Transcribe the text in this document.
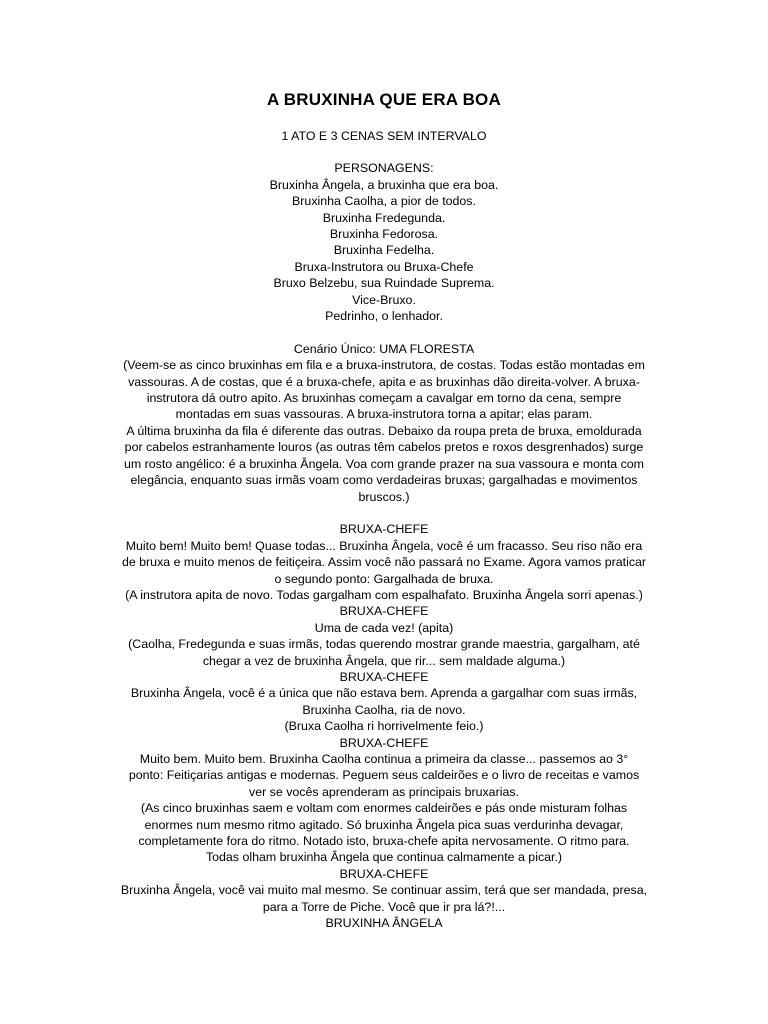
A BRUXINHA QUE ERA BOA
1 ATO E 3 CENAS SEM INTERVALO
PERSONAGENS:
Bruxinha Ângela, a bruxinha que era boa.
Bruxinha Caolha, a pior de todos.
Bruxinha Fredegunda.
Bruxinha Fedorosa.
Bruxinha Fedelha.
Bruxa-Instrutora ou Bruxa-Chefe
Bruxo Belzebu, sua Ruindade Suprema.
Vice-Bruxo.
Pedrinho, o lenhador.
Cenário Único: UMA FLORESTA
(Veem-se as cinco bruxinhas em fila e a bruxa-instrutora, de costas. Todas estão montadas em
vassouras. A de costas, que é a bruxa-chefe, apita e as bruxinhas dão direita-volver. A bruxa-
instrutora dá outro apito. As bruxinhas começam a cavalgar em torno da cena, sempre
montadas em suas vassouras. A bruxa-instrutora torna a apitar; elas param.
A última bruxinha da fila é diferente das outras. Debaixo da roupa preta de bruxa, emoldurada
por cabelos estranhamente louros (as outras têm cabelos pretos e roxos desgrenhados) surge
um rosto angélico: é a bruxinha Ângela. Voa com grande prazer na sua vassoura e monta com
elegância, enquanto suas irmãs voam como verdadeiras bruxas; gargalhadas e movimentos
bruscos.)
BRUXA-CHEFE
Muito bem! Muito bem! Quase todas... Bruxinha Ângela, você é um fracasso. Seu riso não era
de bruxa e muito menos de feitiçeira. Assim você não passará no Exame. Agora vamos praticar
o segundo ponto: Gargalhada de bruxa.
(A instrutora apita de novo. Todas gargalham com espalhafato. Bruxinha Ângela sorri apenas.)
BRUXA-CHEFE
Uma de cada vez! (apita)
(Caolha, Fredegunda e suas irmãs, todas querendo mostrar grande maestria, gargalham, até
chegar a vez de bruxinha Ângela, que rir... sem maldade alguma.)
BRUXA-CHEFE
Bruxinha Ângela, você é a única que não estava bem. Aprenda a gargalhar com suas irmãs,
Bruxinha Caolha, ria de novo.
(Bruxa Caolha ri horrivelmente feio.)
BRUXA-CHEFE
Muito bem. Muito bem. Bruxinha Caolha continua a primeira da classe... passemos ao 3°
ponto: Feitiçarias antigas e modernas. Peguem seus caldeirões e o livro de receitas e vamos
ver se vocês aprenderam as principais bruxarias.
(As cinco bruxinhas saem e voltam com enormes caldeirões e pás onde misturam folhas
enormes num mesmo ritmo agitado. Só bruxinha Ângela pica suas verdurinha devagar,
completamente fora do ritmo. Notado isto, bruxa-chefe apita nervosamente. O ritmo para.
Todas olham bruxinha Ângela que continua calmamente a picar.)
BRUXA-CHEFE
Bruxinha Ângela, você vai muito mal mesmo. Se continuar assim, terá que ser mandada, presa,
para a Torre de Piche. Você que ir pra lá?!...
BRUXINHA ÂNGELA
